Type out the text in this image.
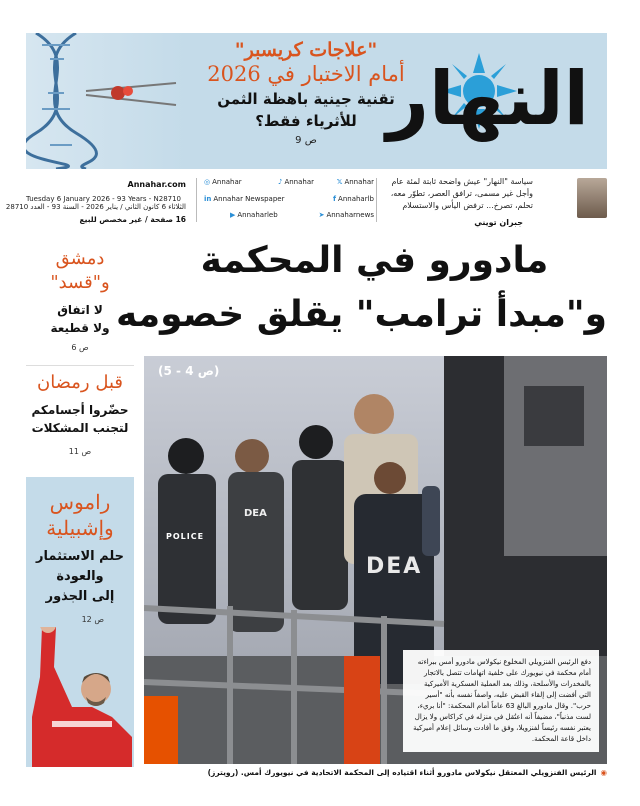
"علاجات كريسبر"
أمام الاختبار في 2026
تقنية جينية باهظة الثمن
للأثرياء فقط؟
ص 9 النهار
Annahar.com
Tuesday 6 January 2026 - 93 Years - N28710
الثلاثاء 6 كانون الثاني / يناير 2026 - السنة 93 - العدد 28710
16 صفحة / غير مخصص للبيع
𝕏 Annahar
♪ Annahar
◎ Annahar
f Annaharlb
in Annahar Newspaper
➤ Annaharnews
▶ Annaharleb
سياسة "النهار" عيش واضحة ثابتة لمئة عام وأجل غير مسمى، ترافق العصر، تطوّر معه، تحلم، تصرخ... ترفض اليأس والاستسلام
جبران تويني
دمشق
و"قسد"
لا اتفاق
ولا قطيعة
ص 6
قبل رمضان
حضّروا أجسامكم
لتجنب المشكلات
ص 11
راموس
وإشبيلية
حلم الاستثمار
والعودة
إلى الجذور
ص 12
مادورو في المحكمة
و"مبدأ ترامب" يقلق خصومه
POLICE
DEA
DEA
(ص 4 - 5)
دفع الرئيس الفنزويلي المخلوع نيكولاس مادورو أمس ببراءته أمام محكمة في نيويورك على خلفية اتهامات تتصل بالاتجار بالمخدرات والأسلحة، وذلك بعد العملية العسكرية الأميركية التي أفضت إلى إلقاء القبض عليه، واصفاً نفسه بأنه "أسير حرب". وقال مادورو البالغ 63 عاماً أمام المحكمة: "أنا بريء، لست مذنباً"، مضيفاً أنه اعتُقل في منزله في كراكاس ولا يزال يعتبر نفسه رئيساً لفنزويلا، وفق ما أفادت وسائل إعلام أميركية داخل قاعة المحكمة.
◉الرئيس الفنزويلي المعتقل نيكولاس مادورو أثناء اقتياده إلى المحكمة الاتحادية في نيويورك أمس. (رويترز)
